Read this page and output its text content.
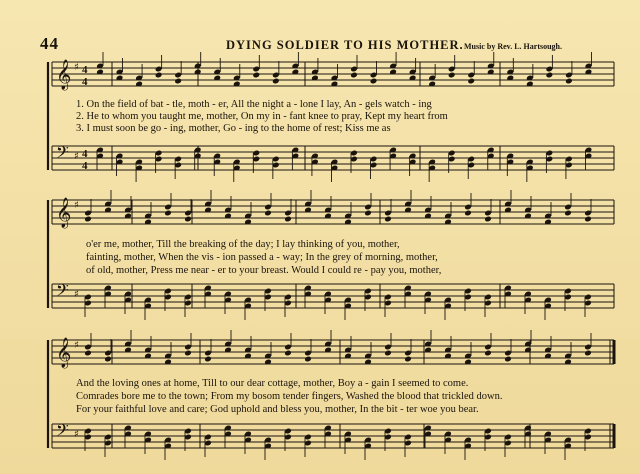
𝄞 ♯ 4
4
𝄢 ♯ 4
4
𝄞 ♯
𝄢 ♯
𝄞 ♯
𝄢 ♯
44	DYING SOLDIER TO HIS MOTHER. Music by Rev. L. Hartsough.
1. On the field of bat - tle, moth - er, All the night a - lone I lay, An - gels watch - ing
2. He to whom you taught me, mother, On my in - fant knee to pray, Kept my heart from
3. I must soon be go - ing, mother, Go - ing to the home of rest; Kiss me as
o'er me, mother, Till the breaking of the day; I lay thinking of you, mother,
fainting, mother, When the vis - ion passed a - way; In the grey of morning, mother,
of old, mother, Press me near - er to your breast. Would I could re - pay you, mother,
And the loving ones at home, Till to our dear cottage, mother, Boy a - gain I seemed to come.
Comrades bore me to the town; From my bosom tender fingers, Washed the blood that trickled down.
For your faithful love and care; God uphold and bless you, mother, In the bit - ter woe you bear.
